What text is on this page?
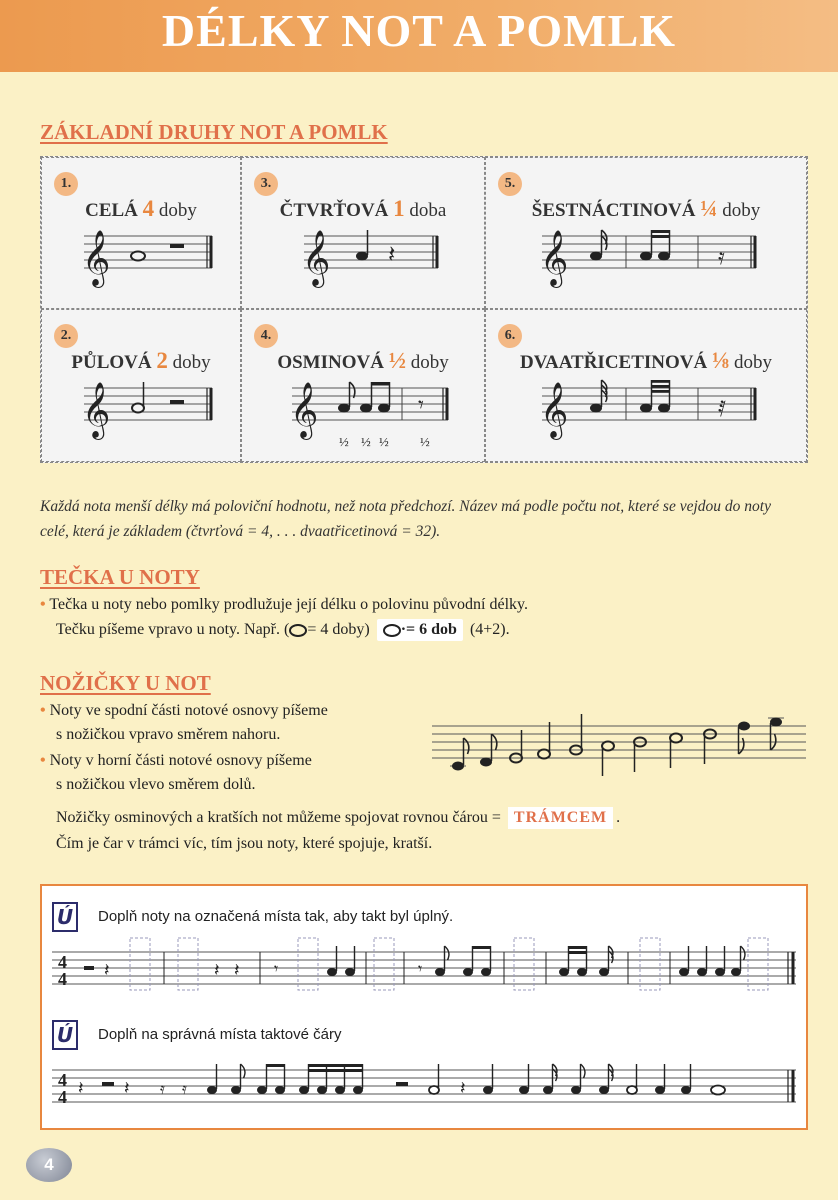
DÉLKY NOT A POMLK
ZÁKLADNÍ DRUHY NOT A POMLK
1.
CELÁ 4 doby
𝄞
3.
ČTVRŤOVÁ 1 doba
𝄞 𝄽
5.
ŠESTNÁCTINOVÁ ¼ doby
𝄞	𝄿
2.
PŮLOVÁ 2 doby
𝄞
4.
OSMINOVÁ ½ doby
𝄞	𝄾
½ ½ ½ ½
6.
DVAATŘICETINOVÁ ⅛ doby
𝄞	𝅀
Každá nota menší délky má poloviční hodnotu, než nota předchozí. Název má podle počtu not, které se vejdou do noty celé, která je základem (čtvrťová = 4, . . . dvaatřicetinová = 32).
TEČKA U NOTY
• Tečka u noty nebo pomlky prodlužuje její délku o polovinu původní délky.
Tečku píšeme vpravo u noty. Např. ( = 4 doby) ·= 6 dob (4+2).
NOŽIČKY U NOT
• Noty ve spodní části notové osnovy píšeme
s nožičkou vpravo směrem nahoru.
• Noty v horní části notové osnovy píšeme
s nožičkou vlevo směrem dolů.
Nožičky osminových a kratších not můžeme spojovat rovnou čárou = TRÁMCEM .
Čím je čar v trámci víc, tím jsou noty, které spojuje, kratší.
Ú	Doplň noty na označená místa tak, aby takt byl úplný.
4
4 𝄽	𝄽 𝄽 𝄾	𝄾
Ú	Doplň na správná místa taktové čáry
4
4 𝄽 𝄽 𝄿 𝄿	𝄽
4
